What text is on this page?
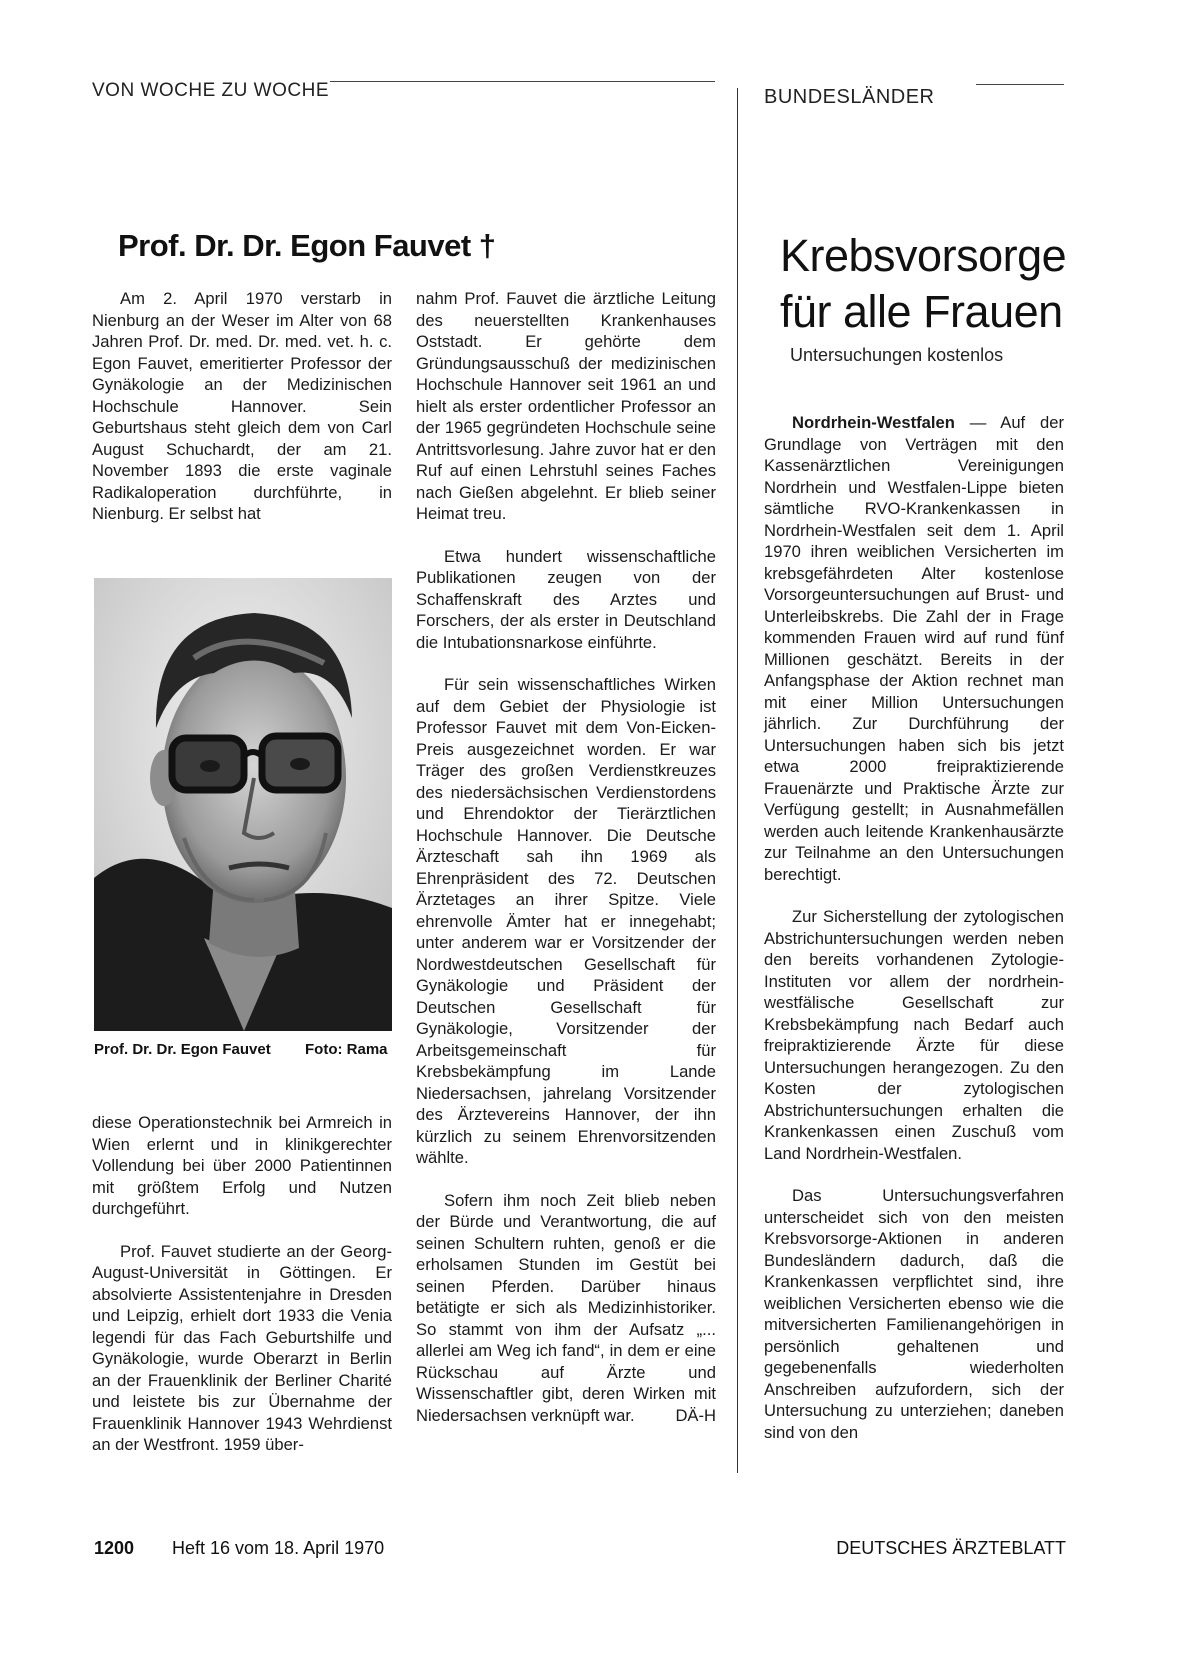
VON WOCHE ZU WOCHE	BUNDESLÄNDER
Prof. Dr. Dr. Egon Fauvet †

Am 2. April 1970 verstarb in Nienburg an der Weser im Alter von 68 Jahren Prof. Dr. med. Dr. med. vet. h. c. Egon Fauvet, emeritierter Professor der Gynäkologie an der Medizinischen Hochschule Hannover. Sein Geburtshaus steht gleich dem von Carl August Schuchardt, der am 21. November 1893 die erste vaginale Radikaloperation durchführte, in Nienburg. Er selbst hat

Prof. Dr. Dr. Egon Fauvet Foto: Rama

diese Operationstechnik bei Armreich in Wien erlernt und in klinikgerechter Vollendung bei über 2000 Patientinnen mit größtem Erfolg und Nutzen durchgeführt.

Prof. Fauvet studierte an der Georg-August-Universität in Göttingen. Er absolvierte Assistentenjahre in Dresden und Leipzig, erhielt dort 1933 die Venia legendi für das Fach Geburtshilfe und Gynäkologie, wurde Oberarzt in Berlin an der Frauenklinik der Berliner Charité und leistete bis zur Übernahme der Frauenklinik Hannover 1943 Wehrdienst an der Westfront. 1959 über-

nahm Prof. Fauvet die ärztliche Leitung des neuerstellten Krankenhauses Oststadt. Er gehörte dem Gründungsausschuß der medizinischen Hochschule Hannover seit 1961 an und hielt als erster ordentlicher Professor an der 1965 gegründeten Hochschule seine Antrittsvorlesung. Jahre zuvor hat er den Ruf auf einen Lehrstuhl seines Faches nach Gießen abgelehnt. Er blieb seiner Heimat treu.

Etwa hundert wissenschaftliche Publikationen zeugen von der Schaffenskraft des Arztes und Forschers, der als erster in Deutschland die Intubationsnarkose einführte.

Für sein wissenschaftliches Wirken auf dem Gebiet der Physiologie ist Professor Fauvet mit dem Von-Eicken-Preis ausgezeichnet worden. Er war Träger des großen Verdienstkreuzes des niedersächsischen Verdienstordens und Ehrendoktor der Tierärztlichen Hochschule Hannover. Die Deutsche Ärzteschaft sah ihn 1969 als Ehrenpräsident des 72. Deutschen Ärztetages an ihrer Spitze. Viele ehrenvolle Ämter hat er innegehabt; unter anderem war er Vorsitzender der Nordwestdeutschen Gesellschaft für Gynäkologie und Präsident der Deutschen Gesellschaft für Gynäkologie, Vorsitzender der Arbeitsgemeinschaft für Krebsbekämpfung im Lande Niedersachsen, jahrelang Vorsitzender des Ärztevereins Hannover, der ihn kürzlich zu seinem Ehrenvorsitzenden wählte.

Sofern ihm noch Zeit blieb neben der Bürde und Verantwortung, die auf seinen Schultern ruhten, genoß er die erholsamen Stunden im Gestüt bei seinen Pferden. Darüber hinaus betätigte er sich als Medizinhistoriker. So stammt von ihm der Aufsatz „... allerlei am Weg ich fand“, in dem er eine Rückschau auf Ärzte und Wissenschaftler gibt, deren Wirken mit Niedersachsen verknüpft war.	DÄ-H

Krebsvorsorge
für alle Frauen
Untersuchungen kostenlos

Nordrhein-Westfalen — Auf der Grundlage von Verträgen mit den Kassenärztlichen Vereinigungen Nordrhein und Westfalen-Lippe bieten sämtliche RVO-Krankenkassen in Nordrhein-Westfalen seit dem 1. April 1970 ihren weiblichen Versicherten im krebsgefährdeten Alter kostenlose Vorsorgeuntersuchungen auf Brust- und Unterleibskrebs. Die Zahl der in Frage kommenden Frauen wird auf rund fünf Millionen geschätzt. Bereits in der Anfangsphase der Aktion rechnet man mit einer Million Untersuchungen jährlich. Zur Durchführung der Untersuchungen haben sich bis jetzt etwa 2000 freipraktizierende Frauenärzte und Praktische Ärzte zur Verfügung gestellt; in Ausnahmefällen werden auch leitende Krankenhausärzte zur Teilnahme an den Untersuchungen berechtigt.

Zur Sicherstellung der zytologischen Abstrichuntersuchungen werden neben den bereits vorhandenen Zytologie-Instituten vor allem der nordrhein-westfälische Gesellschaft zur Krebsbekämpfung nach Bedarf auch freipraktizierende Ärzte für diese Untersuchungen herangezogen. Zu den Kosten der zytologischen Abstrichuntersuchungen erhalten die Krankenkassen einen Zuschuß vom Land Nordrhein-Westfalen.

Das Untersuchungsverfahren unterscheidet sich von den meisten Krebsvorsorge-Aktionen in anderen Bundesländern dadurch, daß die Krankenkassen verpflichtet sind, ihre weiblichen Versicherten ebenso wie die mitversicherten Familienangehörigen in persönlich gehaltenen und gegebenenfalls wiederholten Anschreiben aufzufordern, sich der Untersuchung zu unterziehen; daneben sind von den

1200 Heft 16 vom 18. April 1970	DEUTSCHES ÄRZTEBLATT
